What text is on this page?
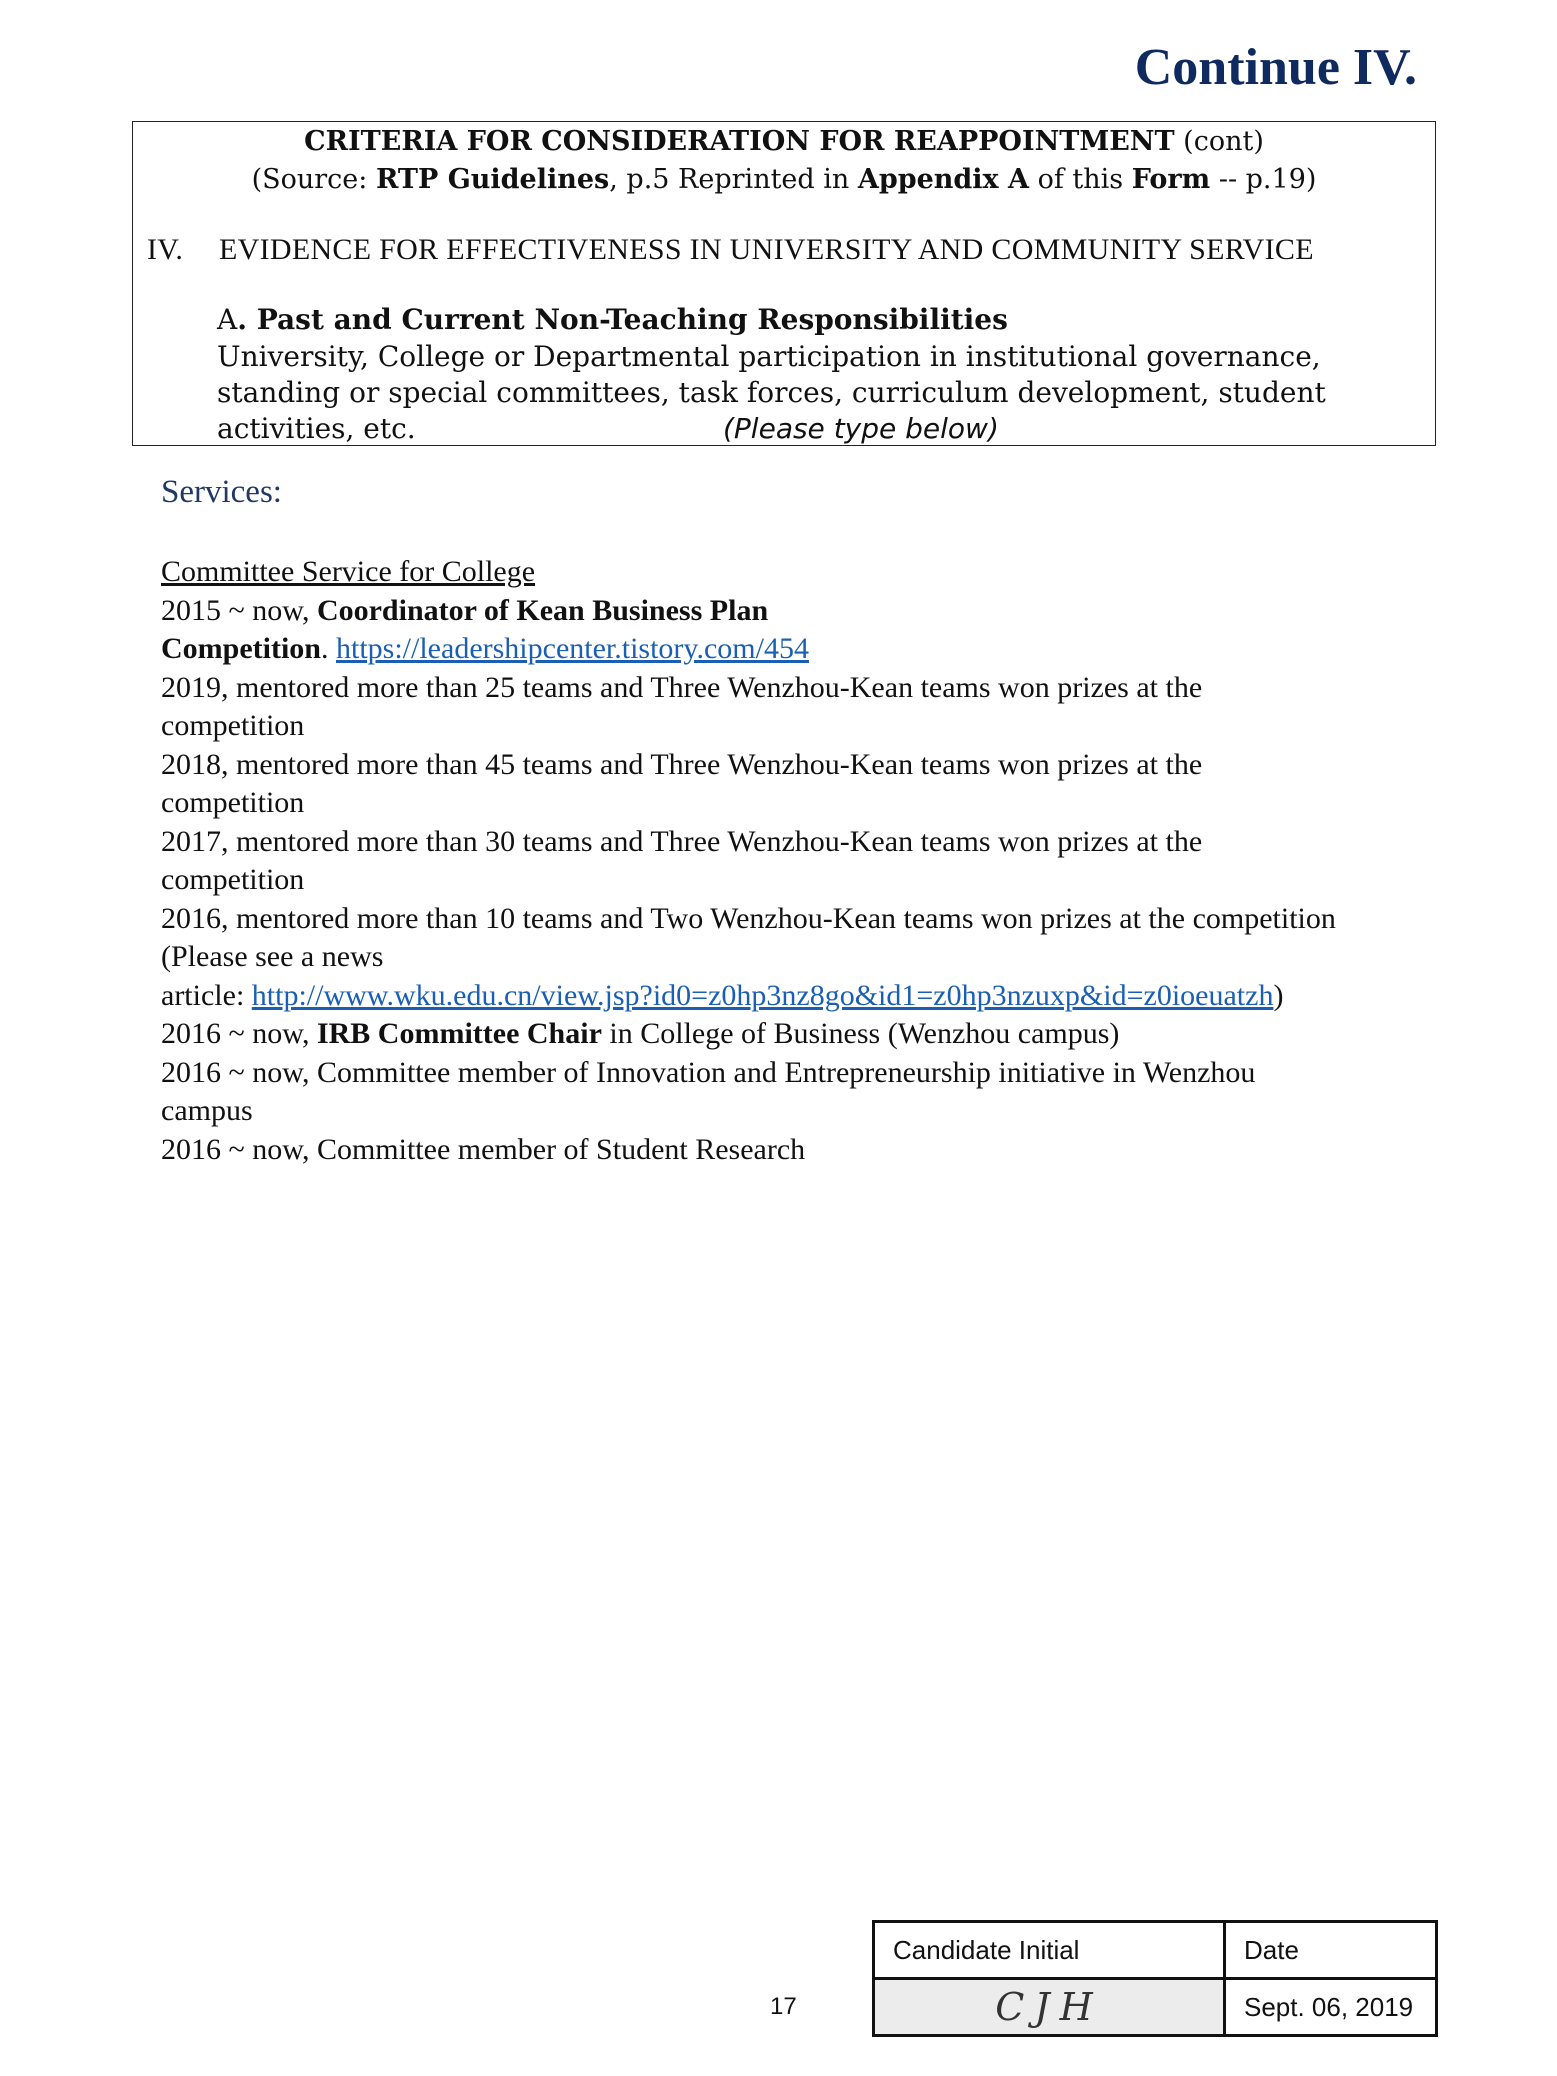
Continue IV.
CRITERIA FOR CONSIDERATION FOR REAPPOINTMENT (cont)
(Source: RTP Guidelines, p.5 Reprinted in Appendix A of this Form -- p.19)
IV. EVIDENCE FOR EFFECTIVENESS IN UNIVERSITY AND COMMUNITY SERVICE
A. Past and Current Non-Teaching Responsibilities
University, College or Departmental participation in institutional governance,
standing or special committees, task forces, curriculum development, student
activities, etc.	(Please type below)
Services:
Committee Service for College
2015 ~ now, Coordinator of Kean Business Plan
Competition. https://leadershipcenter.tistory.com/454
2019, mentored more than 25 teams and Three Wenzhou-Kean teams won prizes at the
competition
2018, mentored more than 45 teams and Three Wenzhou-Kean teams won prizes at the
competition
2017, mentored more than 30 teams and Three Wenzhou-Kean teams won prizes at the
competition
2016, mentored more than 10 teams and Two Wenzhou-Kean teams won prizes at the competition
(Please see a news
article: http://www.wku.edu.cn/view.jsp?id0=z0hp3nz8go&id1=z0hp3nzuxp&id=z0ioeuatzh)
2016 ~ now, IRB Committee Chair in College of Business (Wenzhou campus)
2016 ~ now, Committee member of Innovation and Entrepreneurship initiative in Wenzhou
campus
2016 ~ now, Committee member of Student Research
17
Candidate Initial	Date
CJH	Sept. 06, 2019
